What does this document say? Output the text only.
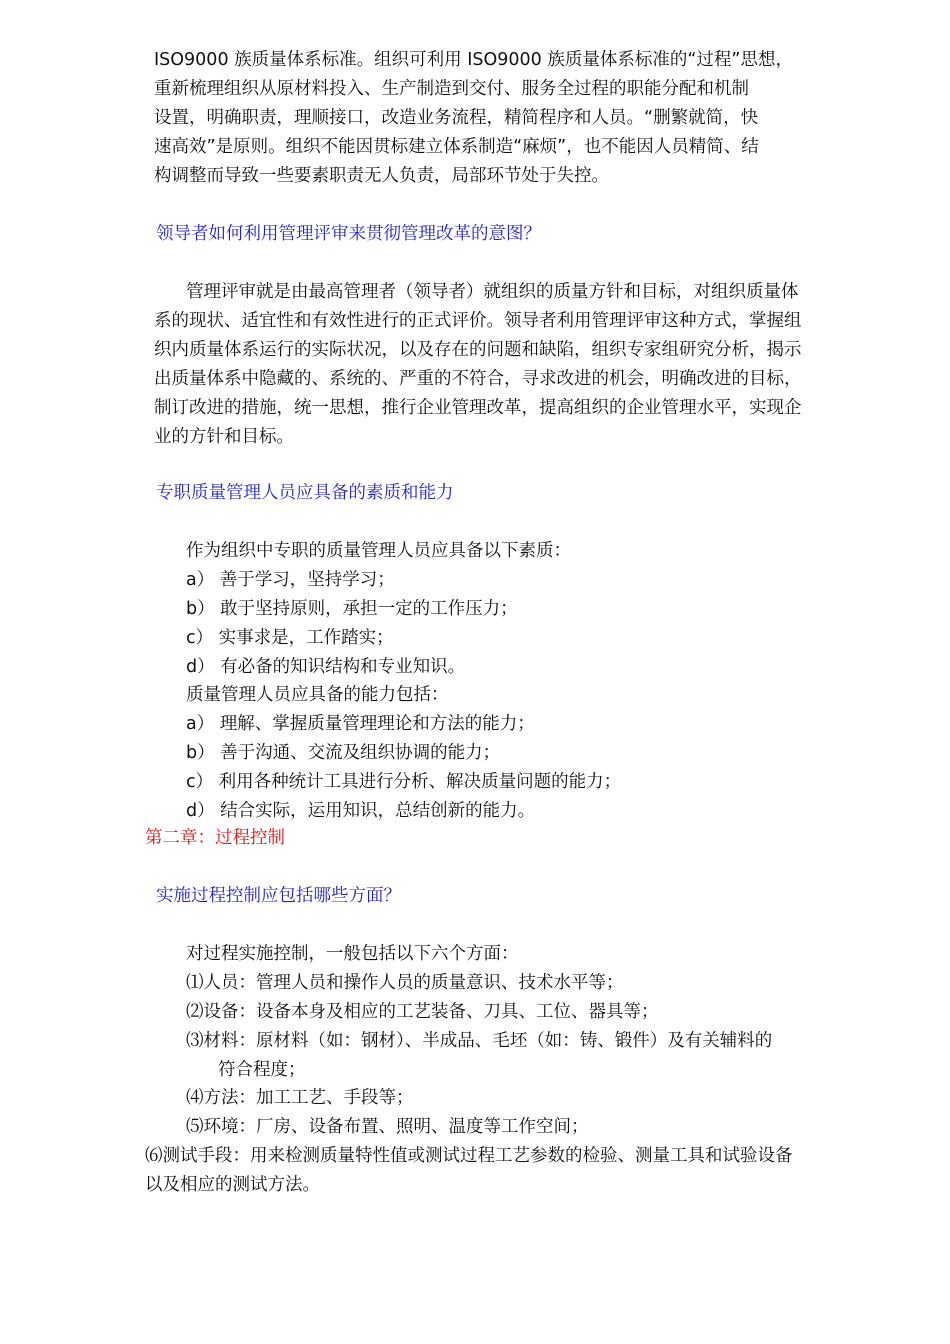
ISO9000 族质量体系标准。组织可利用 ISO9000 族质量体系标准的“过程”思想，
重新梳理组织从原材料投入、生产制造到交付、服务全过程的职能分配和机制
设置，明确职责，理顺接口，改造业务流程，精简程序和人员。“删繁就简，快
速高效”是原则。组织不能因贯标建立体系制造“麻烦”，也不能因人员精简、结
构调整而导致一些要素职责无人负责，局部环节处于失控。
领导者如何利用管理评审来贯彻管理改革的意图？
管理评审就是由最高管理者（领导者）就组织的质量方针和目标，对组织质量体
系的现状、适宜性和有效性进行的正式评价。领导者利用管理评审这种方式，掌握组
织内质量体系运行的实际状况，以及存在的问题和缺陷，组织专家组研究分析，揭示
出质量体系中隐藏的、系统的、严重的不符合，寻求改进的机会，明确改进的目标，
制订改进的措施，统一思想，推行企业管理改革，提高组织的企业管理水平，实现企
业的方针和目标。
专职质量管理人员应具备的素质和能力
作为组织中专职的质量管理人员应具备以下素质：
a） 善于学习，坚持学习；
b） 敢于坚持原则，承担一定的工作压力；
c） 实事求是，工作踏实；
d） 有必备的知识结构和专业知识。
质量管理人员应具备的能力包括：
a） 理解、掌握质量管理理论和方法的能力；
b） 善于沟通、交流及组织协调的能力；
c） 利用各种统计工具进行分析、解决质量问题的能力；
d） 结合实际，运用知识，总结创新的能力。
第二章：过程控制
实施过程控制应包括哪些方面？
对过程实施控制，一般包括以下六个方面：
⑴人员：管理人员和操作人员的质量意识、技术水平等；
⑵设备：设备本身及相应的工艺装备、刀具、工位、器具等；
⑶材料：原材料（如：钢材）、半成品、毛坯（如：铸、锻件）及有关辅料的
符合程度；
⑷方法：加工工艺、手段等；
⑸环境：厂房、设备布置、照明、温度等工作空间；
⑹测试手段：用来检测质量特性值或测试过程工艺参数的检验、测量工具和试验设备
以及相应的测试方法。
